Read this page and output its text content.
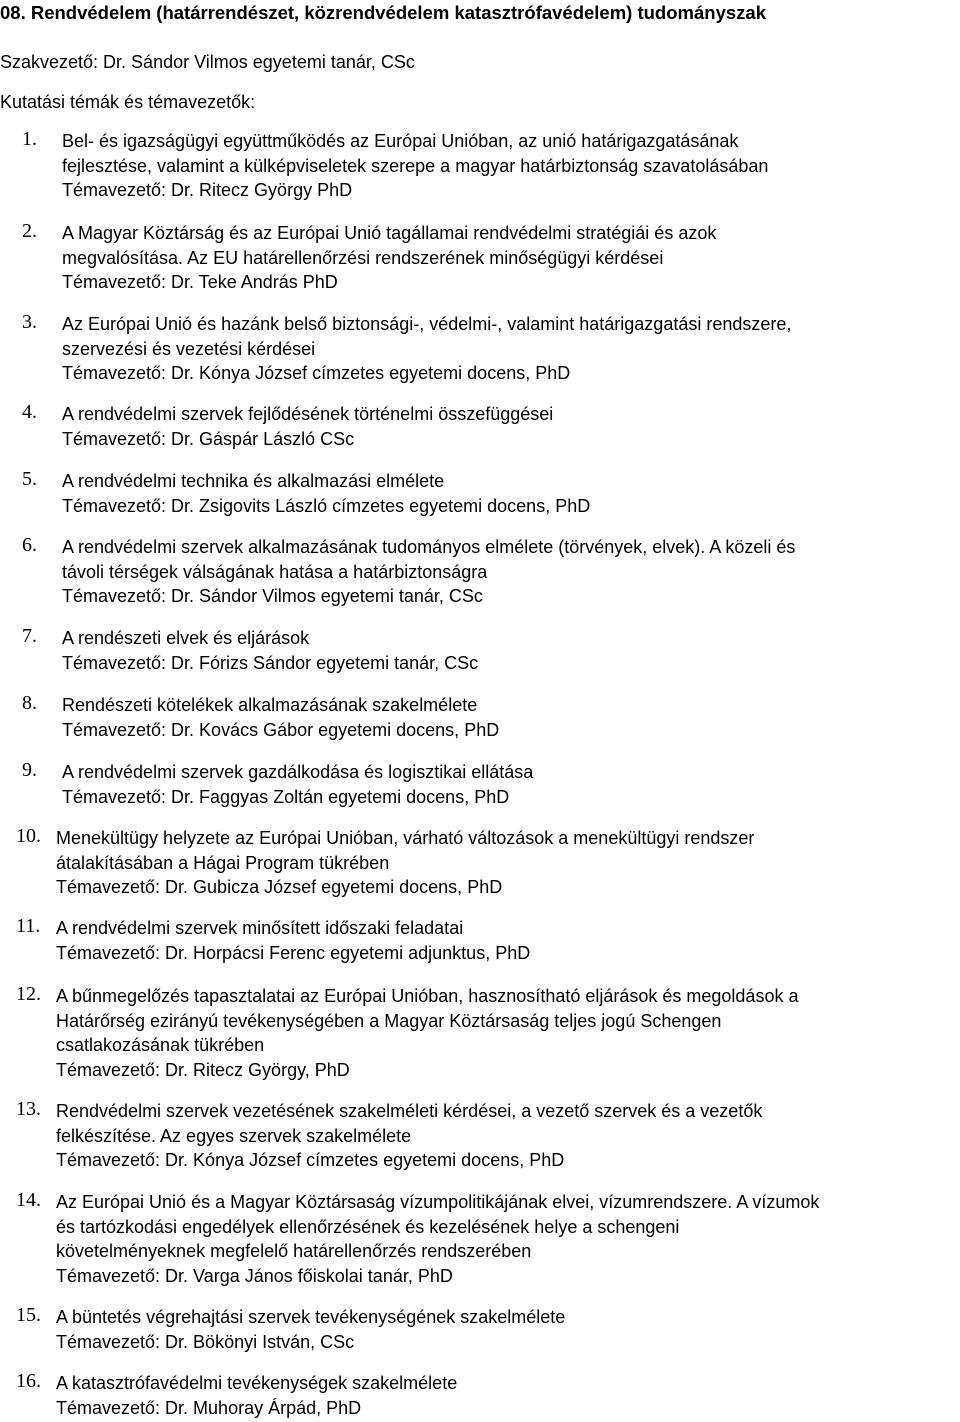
08. Rendvédelem (határrendészet, közrendvédelem katasztrófavédelem) tudományszak
Szakvezető: Dr. Sándor Vilmos egyetemi tanár, CSc
Kutatási témák és témavezetők:
1. Bel- és igazságügyi együttműködés az Európai Unióban, az unió határigazgatásának
fejlesztése, valamint a külképviseletek szerepe a magyar határbiztonság szavatolásában
Témavezető: Dr. Ritecz György PhD
2. A Magyar Köztárság és az Európai Unió tagállamai rendvédelmi stratégiái és azok
megvalósítása. Az EU határellenőrzési rendszerének minőségügyi kérdései
Témavezető: Dr. Teke András PhD
3. Az Európai Unió és hazánk belső biztonsági-, védelmi-, valamint határigazgatási rendszere,
szervezési és vezetési kérdései
Témavezető: Dr. Kónya József címzetes egyetemi docens, PhD
4. A rendvédelmi szervek fejlődésének történelmi összefüggései
Témavezető: Dr. Gáspár László CSc
5. A rendvédelmi technika és alkalmazási elmélete
Témavezető: Dr. Zsigovits László címzetes egyetemi docens, PhD
6. A rendvédelmi szervek alkalmazásának tudományos elmélete (törvények, elvek). A közeli és
távoli térségek válságának hatása a határbiztonságra
Témavezető: Dr. Sándor Vilmos egyetemi tanár, CSc
7. A rendészeti elvek és eljárások
Témavezető: Dr. Fórizs Sándor egyetemi tanár, CSc
8. Rendészeti kötelékek alkalmazásának szakelmélete
Témavezető: Dr. Kovács Gábor egyetemi docens, PhD
9. A rendvédelmi szervek gazdálkodása és logisztikai ellátása
Témavezető: Dr. Faggyas Zoltán egyetemi docens, PhD
10. Menekültügy helyzete az Európai Unióban, várható változások a menekültügyi rendszer
átalakításában a Hágai Program tükrében
Témavezető: Dr. Gubicza József egyetemi docens, PhD
11. A rendvédelmi szervek minősített időszaki feladatai
Témavezető: Dr. Horpácsi Ferenc egyetemi adjunktus, PhD
12. A bűnmegelőzés tapasztalatai az Európai Unióban, hasznosítható eljárások és megoldások a
Határőrség ezirányú tevékenységében a Magyar Köztársaság teljes jogú Schengen
csatlakozásának tükrében
Témavezető: Dr. Ritecz György, PhD
13. Rendvédelmi szervek vezetésének szakelméleti kérdései, a vezető szervek és a vezetők
felkészítése. Az egyes szervek szakelmélete
Témavezető: Dr. Kónya József címzetes egyetemi docens, PhD
14. Az Európai Unió és a Magyar Köztársaság vízumpolitikájának elvei, vízumrendszere. A vízumok
és tartózkodási engedélyek ellenőrzésének és kezelésének helye a schengeni
követelményeknek megfelelő határellenőrzés rendszerében
Témavezető: Dr. Varga János főiskolai tanár, PhD
15. A büntetés végrehajtási szervek tevékenységének szakelmélete
Témavezető: Dr. Bökönyi István, CSc
16. A katasztrófavédelmi tevékenységek szakelmélete
Témavezető: Dr. Muhoray Árpád, PhD
